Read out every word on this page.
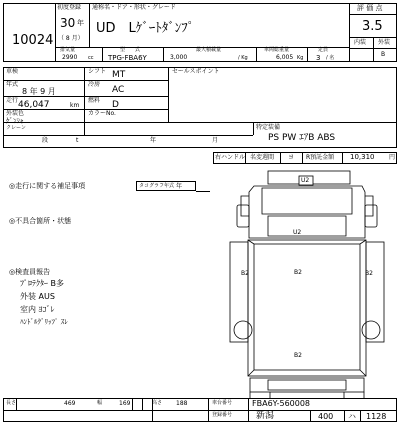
10024
初度登録
30 年
（ 8 月）
通称名・ドア・形状・グレード
UD　Lｹﾞｰﾄﾀﾞﾝﾌﾟ
評 価 点
3.5
内装 外装
B
排気量
2990 cc
型　　式
TPG-FBA6Y
最大積載量
3,000	/ Kg
車両総重量
6,005 Kg
定員
3 / 名
車検	シフト MT	セールスポイント
年式
8 年 9 月
冷房
AC
走行 46,047	km
燃料 D
外装色
ｹﾞﾝｼｬ
カラーNo.
クレーン
段	t	年	月
特定装備
PS PW ｴｱB ABS
右ハンドル 名変週間 ヨ R預託金額 10,310 円
◎走行に関する補足事項	タコグラフ年式 年
◎不具合箇所・状態
◎検査員報告
ﾌﾟﾛﾃｸﾀｰ B多
外装 AUS
室内 ﾖｺﾞﾚ
ﾊﾝﾄﾞﾙｸﾞﾘｯﾌﾟ ｽﾚ
U2
U2
B2	B2	B2
B2
長さ	469	幅	169	高さ 188	車台番号 FBA6Y-560008
登録番号	新潟	400 ハ 1128
